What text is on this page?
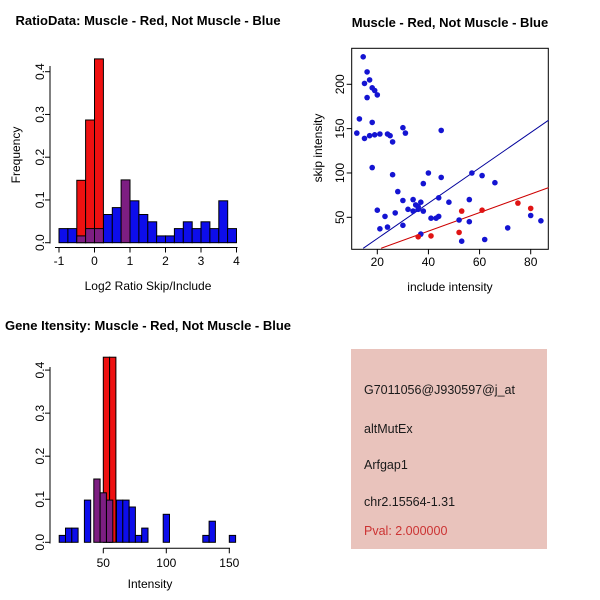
-1 0 1 2 3 4
0.0
0.1
0.2
0.3
0.4
RatioData: Muscle - Red, Not Muscle - Blue
Log2 Ratio Skip/Include
Frequency
20	40	60	80
50
100
150
200
Muscle - Red, Not Muscle - Blue
include intensity
skip intensity
50	100	150
0.0
0.1
0.2
0.3
0.4
Gene Itensity: Muscle - Red, Not Muscle - Blue
Intensity
G7011056@J930597@j_at
altMutEx
Arfgap1
chr2.15564-1.31
Pval: 2.000000
